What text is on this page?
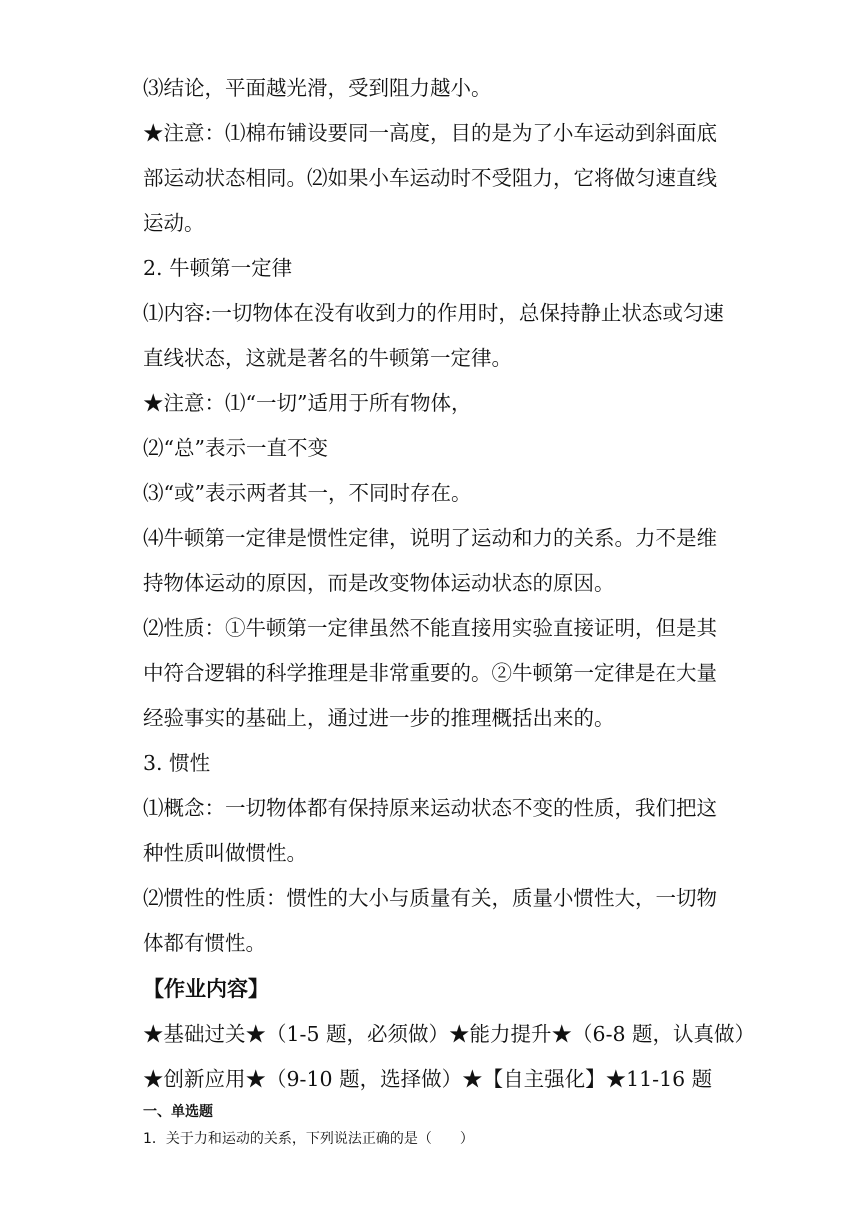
⑶结论，平面越光滑，受到阻力越小。
★注意：⑴棉布铺设要同一高度，目的是为了小车运动到斜面底
部运动状态相同。⑵如果小车运动时不受阻力，它将做匀速直线
运动。
2. 牛顿第一定律
⑴内容:一切物体在没有收到力的作用时，总保持静止状态或匀速
直线状态，这就是著名的牛顿第一定律。
★注意：⑴“一切”适用于所有物体，
⑵“总”表示一直不变
⑶“或”表示两者其一，不同时存在。
⑷牛顿第一定律是惯性定律，说明了运动和力的关系。力不是维
持物体运动的原因，而是改变物体运动状态的原因。
⑵性质：①牛顿第一定律虽然不能直接用实验直接证明，但是其
中符合逻辑的科学推理是非常重要的。②牛顿第一定律是在大量
经验事实的基础上，通过进一步的推理概括出来的。
3. 惯性
⑴概念：一切物体都有保持原来运动状态不变的性质，我们把这
种性质叫做惯性。
⑵惯性的性质：惯性的大小与质量有关，质量小惯性大，一切物
体都有惯性。
【作业内容】
★基础过关★（1-5 题，必须做）★能力提升★（6-8 题，认真做）
★创新应用★（9-10 题，选择做）★【自主强化】★11-16 题
一、单选题
1．关于力和运动的关系，下列说法正确的是（　　）
